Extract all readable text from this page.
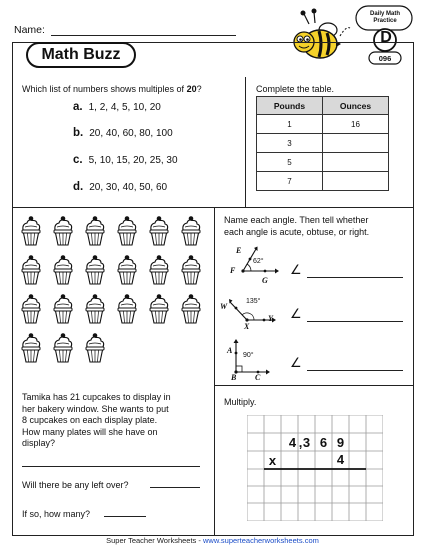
Name:
Daily Math
Practice
D
096
Math Buzz
Which list of numbers shows multiples of 20?
a. 1, 2, 4, 5, 10, 20
b. 20, 40, 60, 80, 100
c. 5, 10, 15, 20, 25, 30
d. 20, 30, 40, 50, 60
Complete the table.
Pounds	Ounces
1	16
3	
5	
7	
Tamika has 21 cupcakes to display in
her bakery window. She wants to put
8 cupcakes on each display plate.
How many plates will she have on
display?
Will there be any left over?
If so, how many?
Name each angle. Then tell whether
each angle is acute, obtuse, or right.
E
F
G
62°
∠
W
X
Y
135°
∠
A
B C
90°	∠
Multiply.
4 , 3 6 9
x	4
Super Teacher Worksheets - www.superteacherworksheets.com
